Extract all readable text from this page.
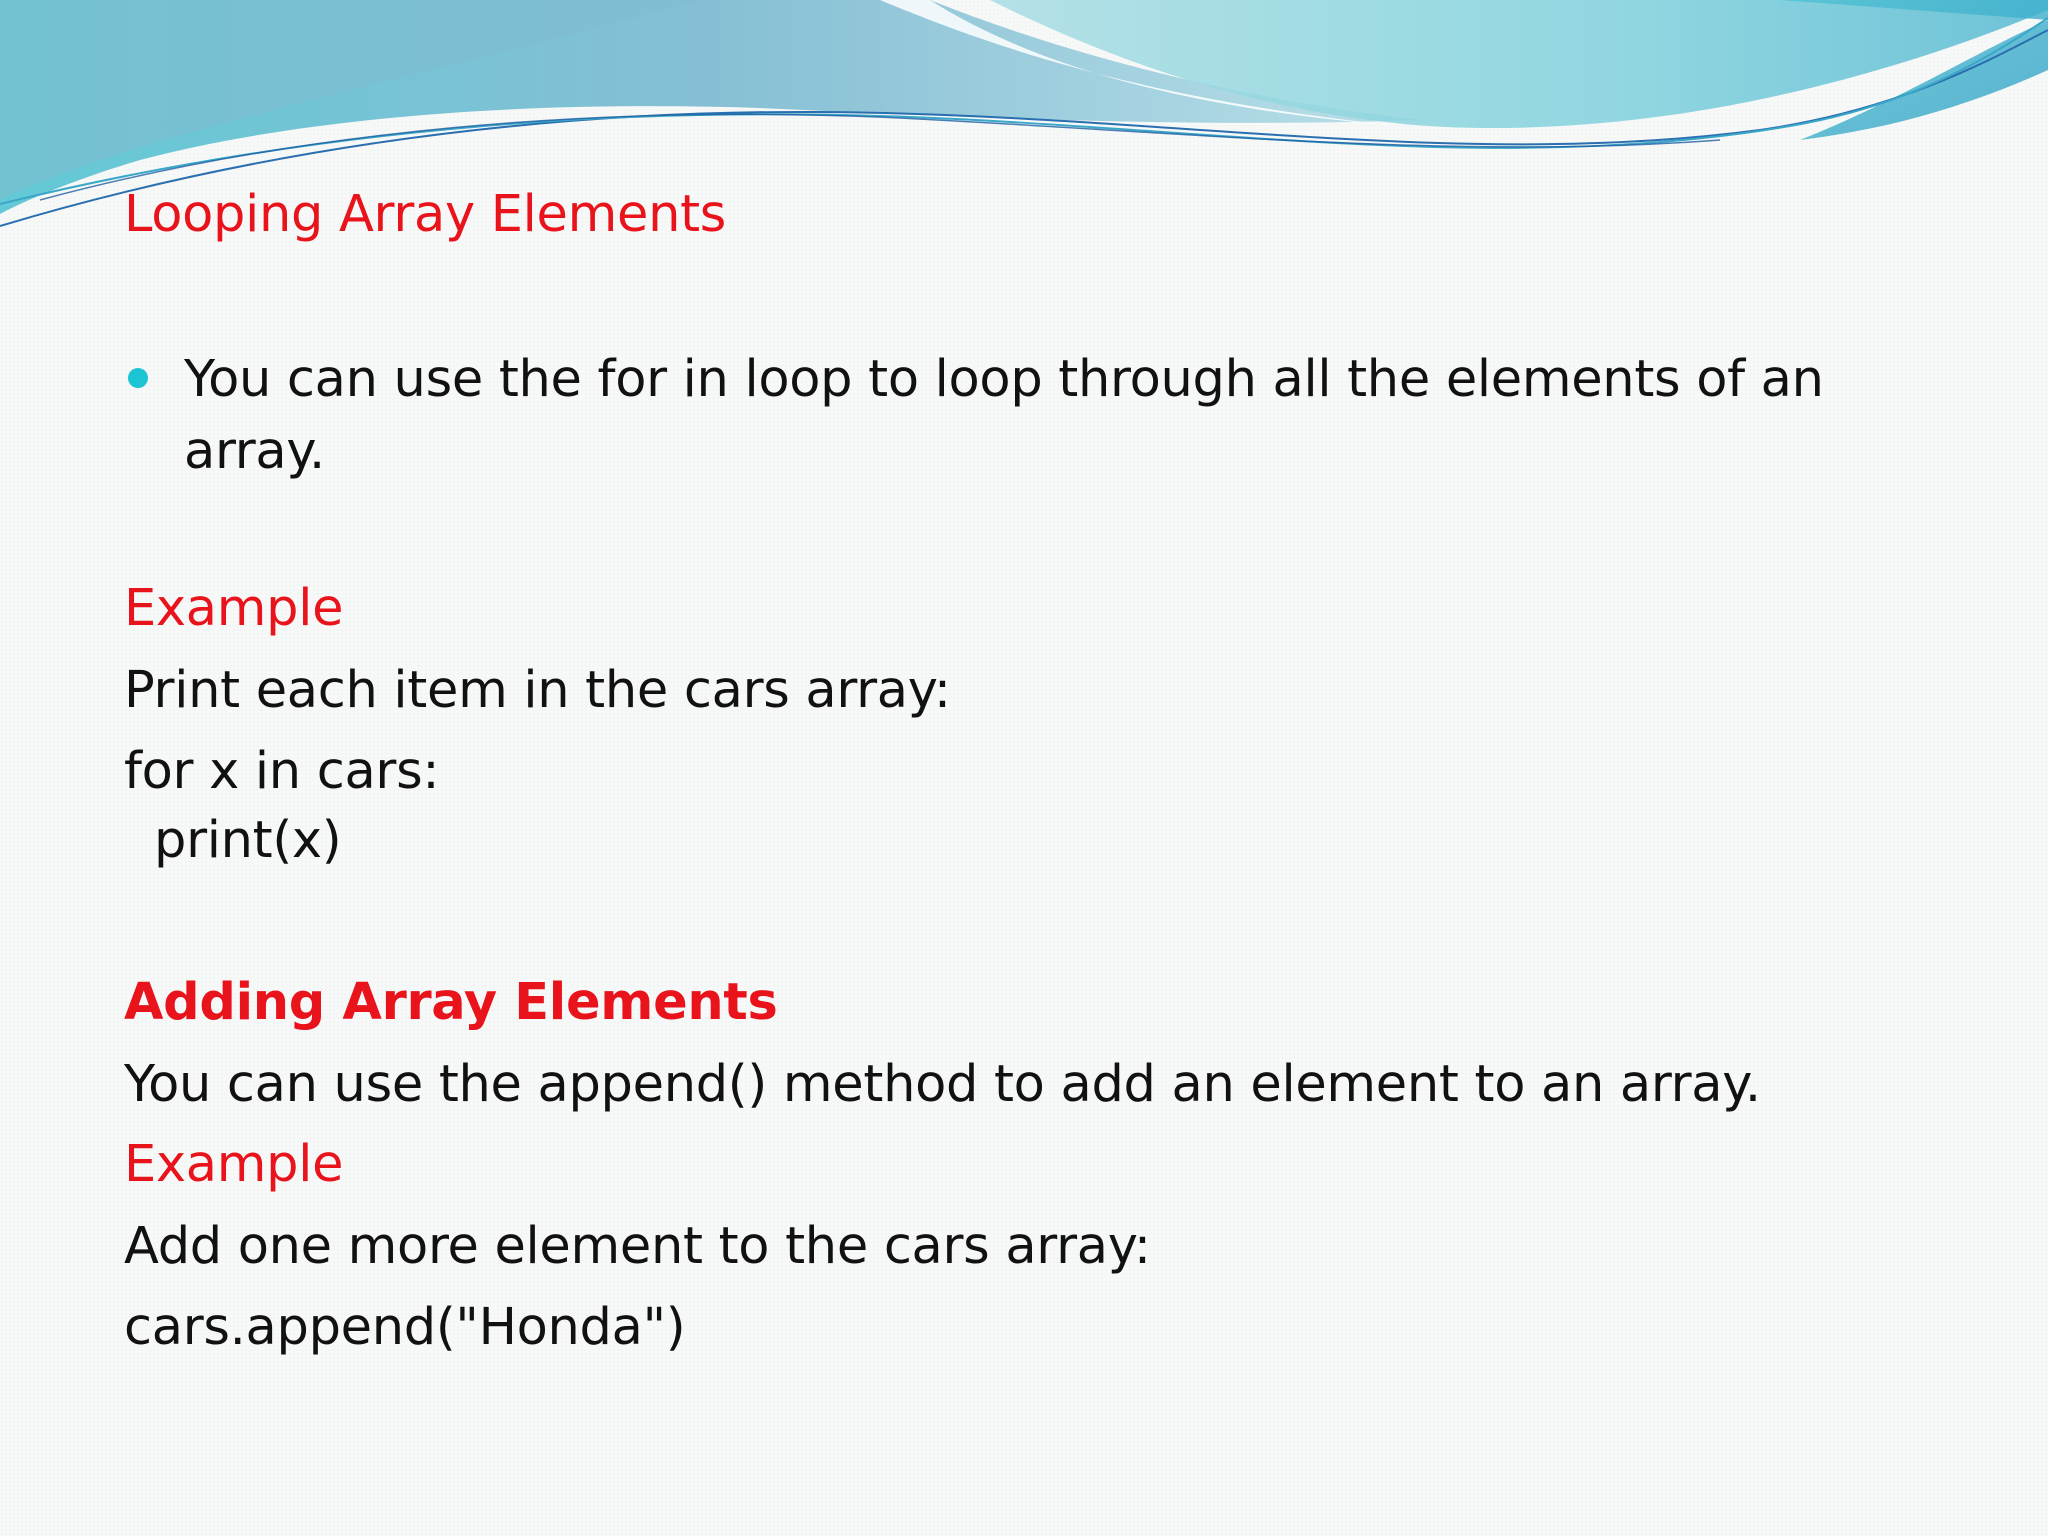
Looping Array Elements

You can use the for in loop to loop through all the elements of an array.

Example

Print each item in the cars array:

for x in cars:

print(x)

Adding Array Elements

You can use the append() method to add an element to an array.

Example

Add one more element to the cars array:

cars.append("Honda")
